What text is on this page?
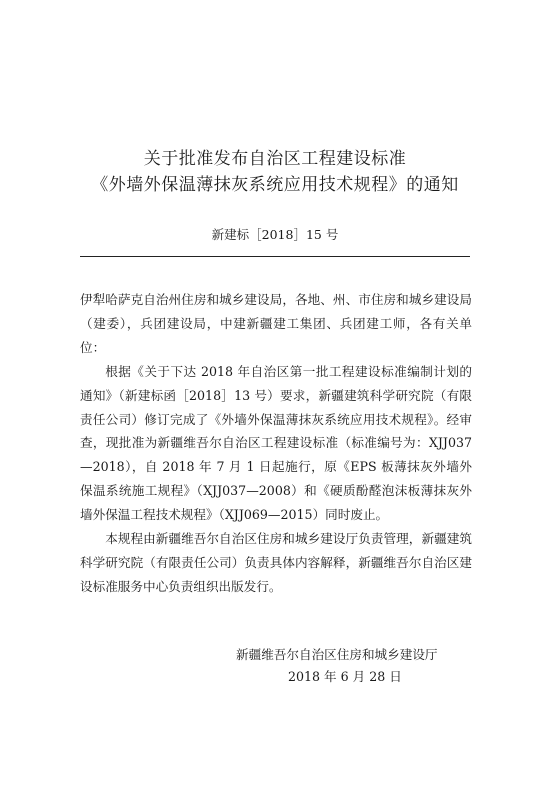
关于批准发布自治区工程建设标准
《外墙外保温薄抹灰系统应用技术规程》的通知
新建标［2018］15 号

伊犁哈萨克自治州住房和城乡建设局，各地、州、市住房和城乡建设局（建委），兵团建设局，中建新疆建工集团、兵团建工师，各有关单位：

根据《关于下达 2018 年自治区第一批工程建设标准编制计划的通知》（新建标函［2018］13 号）要求，新疆建筑科学研究院（有限责任公司）修订完成了《外墙外保温薄抹灰系统应用技术规程》。经审查，现批准为新疆维吾尔自治区工程建设标准（标准编号为：XJJ037—2018），自 2018 年 7 月 1 日起施行，原《EPS 板薄抹灰外墙外保温系统施工规程》（XJJ037—2008）和《硬质酚醛泡沫板薄抹灰外墙外保温工程技术规程》（XJJ069—2015）同时废止。

本规程由新疆维吾尔自治区住房和城乡建设厅负责管理，新疆建筑科学研究院（有限责任公司）负责具体内容解释，新疆维吾尔自治区建设标准服务中心负责组织出版发行。

新疆维吾尔自治区住房和城乡建设厅
2018 年 6 月 28 日
